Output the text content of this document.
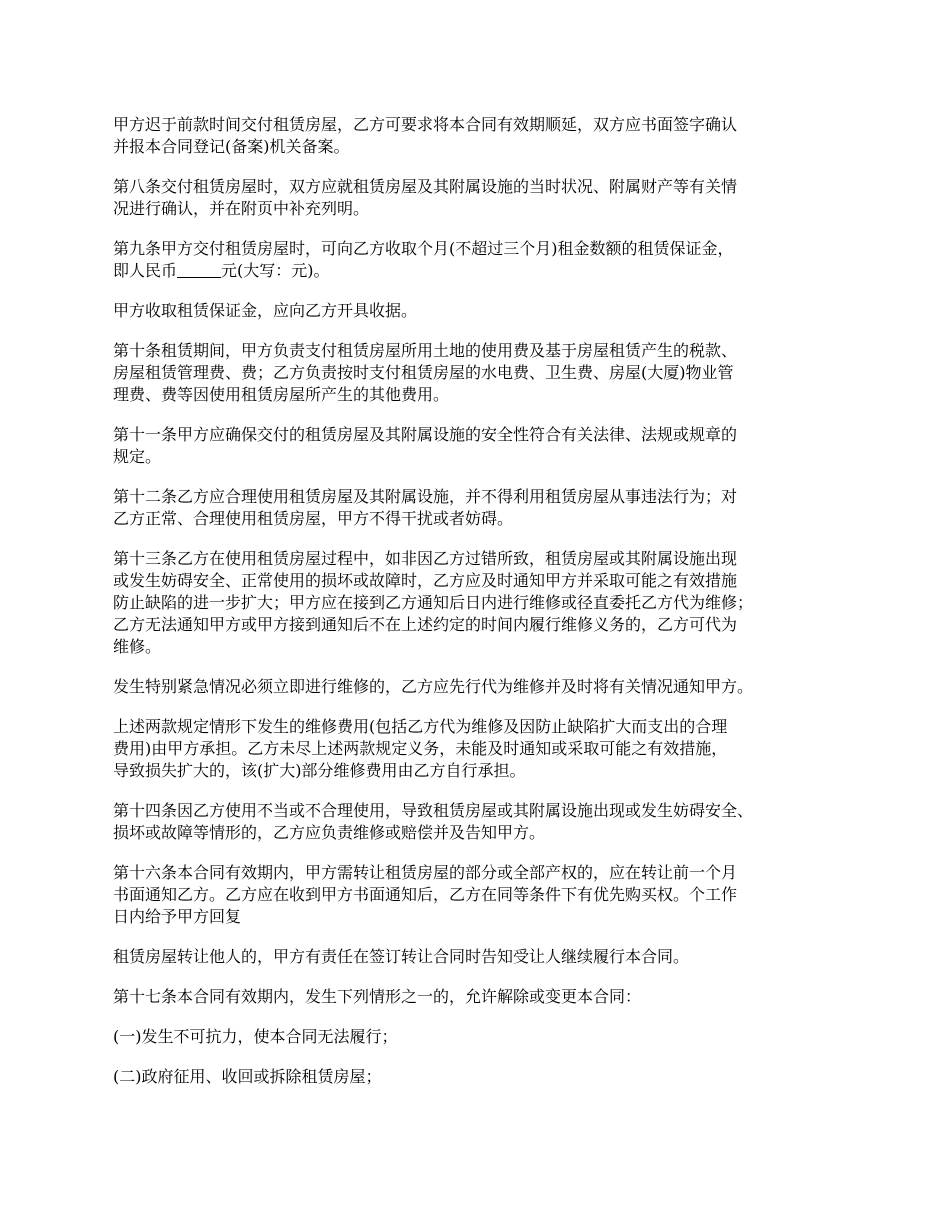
甲方迟于前款时间交付租赁房屋，乙方可要求将本合同有效期顺延，双方应书面签字确认
并报本合同登记(备案)机关备案。

第八条交付租赁房屋时，双方应就租赁房屋及其附属设施的当时状况、附属财产等有关情
况进行确认，并在附页中补充列明。

第九条甲方交付租赁房屋时，可向乙方收取个月(不超过三个月)租金数额的租赁保证金，
即人民币	元(大写：元)。

甲方收取租赁保证金，应向乙方开具收据。

第十条租赁期间，甲方负责支付租赁房屋所用土地的使用费及基于房屋租赁产生的税款、
房屋租赁管理费、费；乙方负责按时支付租赁房屋的水电费、卫生费、房屋(大厦)物业管
理费、费等因使用租赁房屋所产生的其他费用。

第十一条甲方应确保交付的租赁房屋及其附属设施的安全性符合有关法律、法规或规章的
规定。

第十二条乙方应合理使用租赁房屋及其附属设施，并不得利用租赁房屋从事违法行为；对
乙方正常、合理使用租赁房屋，甲方不得干扰或者妨碍。

第十三条乙方在使用租赁房屋过程中，如非因乙方过错所致，租赁房屋或其附属设施出现
或发生妨碍安全、正常使用的损坏或故障时，乙方应及时通知甲方并采取可能之有效措施
防止缺陷的进一步扩大；甲方应在接到乙方通知后日内进行维修或径直委托乙方代为维修；
乙方无法通知甲方或甲方接到通知后不在上述约定的时间内履行维修义务的，乙方可代为
维修。

发生特别紧急情况必须立即进行维修的，乙方应先行代为维修并及时将有关情况通知甲方。

上述两款规定情形下发生的维修费用(包括乙方代为维修及因防止缺陷扩大而支出的合理
费用)由甲方承担。乙方未尽上述两款规定义务，未能及时通知或采取可能之有效措施，
导致损失扩大的，该(扩大)部分维修费用由乙方自行承担。

第十四条因乙方使用不当或不合理使用，导致租赁房屋或其附属设施出现或发生妨碍安全、
损坏或故障等情形的，乙方应负责维修或赔偿并及告知甲方。

第十六条本合同有效期内，甲方需转让租赁房屋的部分或全部产权的，应在转让前一个月
书面通知乙方。乙方应在收到甲方书面通知后，乙方在同等条件下有优先购买权。个工作
日内给予甲方回复

租赁房屋转让他人的，甲方有责任在签订转让合同时告知受让人继续履行本合同。

第十七条本合同有效期内，发生下列情形之一的，允许解除或变更本合同：

(一)发生不可抗力，使本合同无法履行；

(二)政府征用、收回或拆除租赁房屋；
